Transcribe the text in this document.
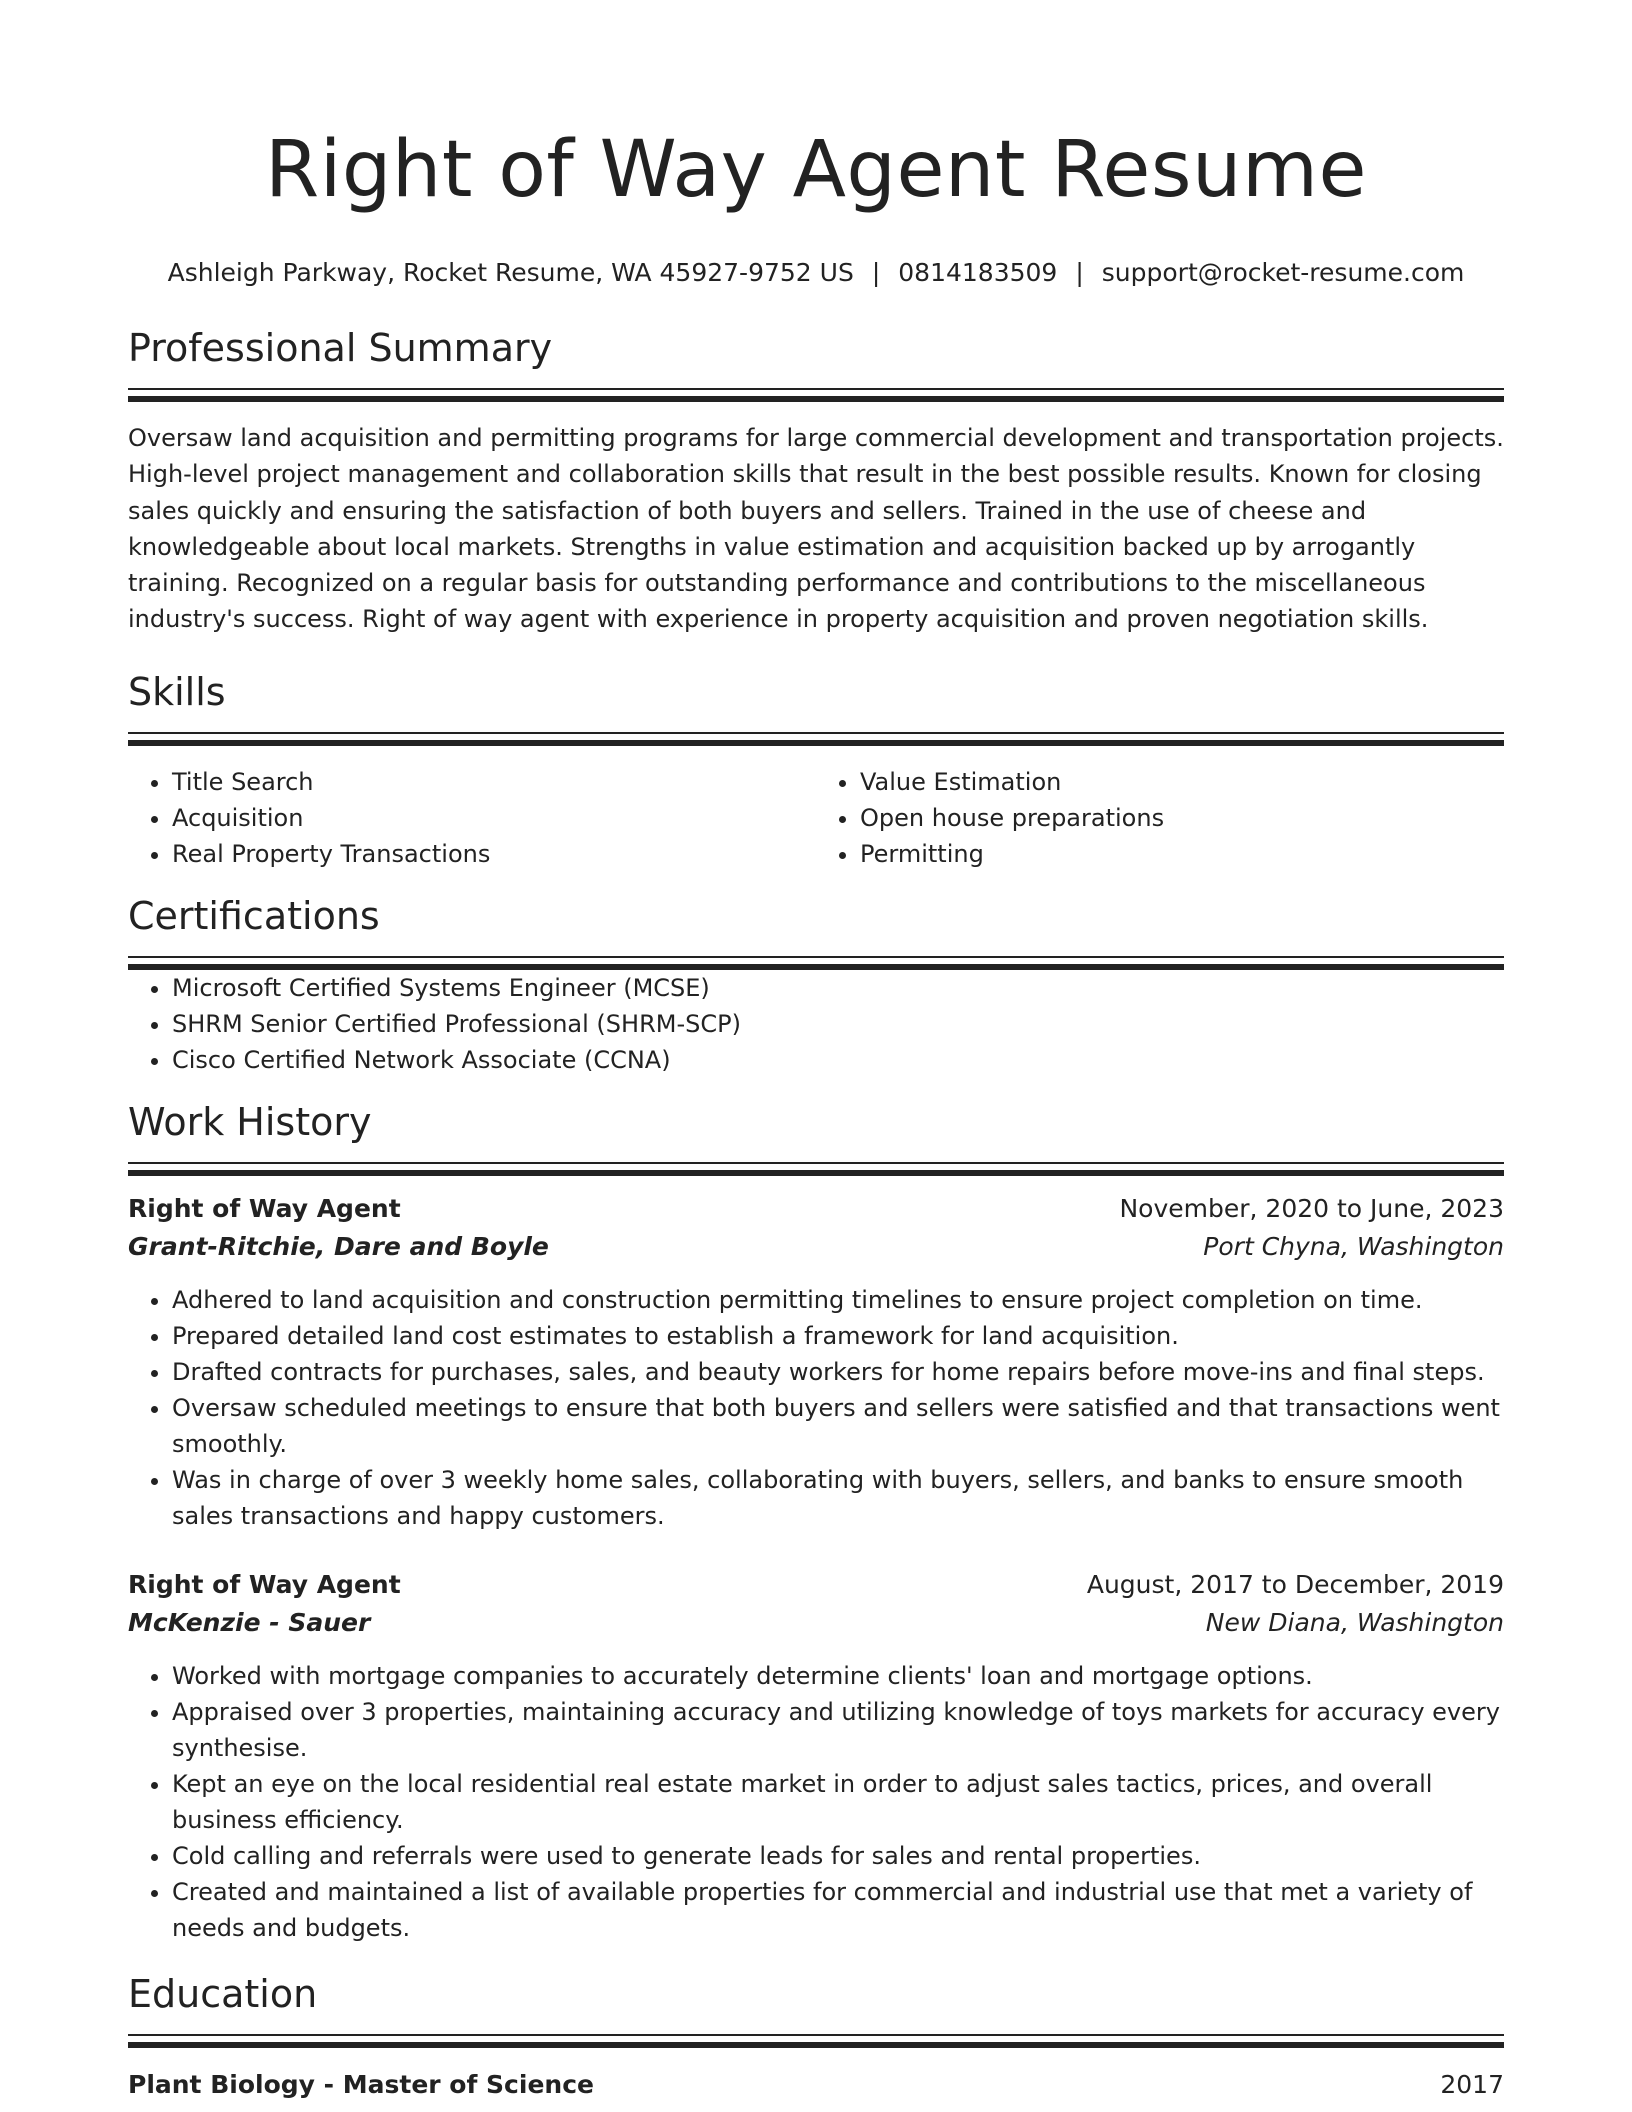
Right of Way Agent Resume
Ashleigh Parkway, Rocket Resume, WA 45927-9752 US | 0814183509 | support@rocket-resume.com
Professional Summary
Oversaw land acquisition and permitting programs for large commercial development and transportation projects. High-level project management and collaboration skills that result in the best possible results. Known for closing sales quickly and ensuring the satisfaction of both buyers and sellers. Trained in the use of cheese and knowledgeable about local markets. Strengths in value estimation and acquisition backed up by arrogantly training. Recognized on a regular basis for outstanding performance and contributions to the miscellaneous industry's success. Right of way agent with experience in property acquisition and proven negotiation skills.
Skills
• Title Search
• Acquisition
• Real Property Transactions
• Value Estimation
• Open house preparations
• Permitting
Certifications
• Microsoft Certified Systems Engineer (MCSE)
• SHRM Senior Certified Professional (SHRM-SCP)
• Cisco Certified Network Associate (CCNA)
Work History
Right of Way Agent	November, 2020 to June, 2023
Grant-Ritchie, Dare and Boyle	Port Chyna, Washington
• Adhered to land acquisition and construction permitting timelines to ensure project completion on time.
• Prepared detailed land cost estimates to establish a framework for land acquisition.
• Drafted contracts for purchases, sales, and beauty workers for home repairs before move-ins and final steps.
• Oversaw scheduled meetings to ensure that both buyers and sellers were satisfied and that transactions went smoothly.
• Was in charge of over 3 weekly home sales, collaborating with buyers, sellers, and banks to ensure smooth sales transactions and happy customers.
Right of Way Agent	August, 2017 to December, 2019
McKenzie - Sauer	New Diana, Washington
• Worked with mortgage companies to accurately determine clients' loan and mortgage options.
• Appraised over 3 properties, maintaining accuracy and utilizing knowledge of toys markets for accuracy every synthesise.
• Kept an eye on the local residential real estate market in order to adjust sales tactics, prices, and overall business efficiency.
• Cold calling and referrals were used to generate leads for sales and rental properties.
• Created and maintained a list of available properties for commercial and industrial use that met a variety of needs and budgets.
Education
Plant Biology - Master of Science	2017
